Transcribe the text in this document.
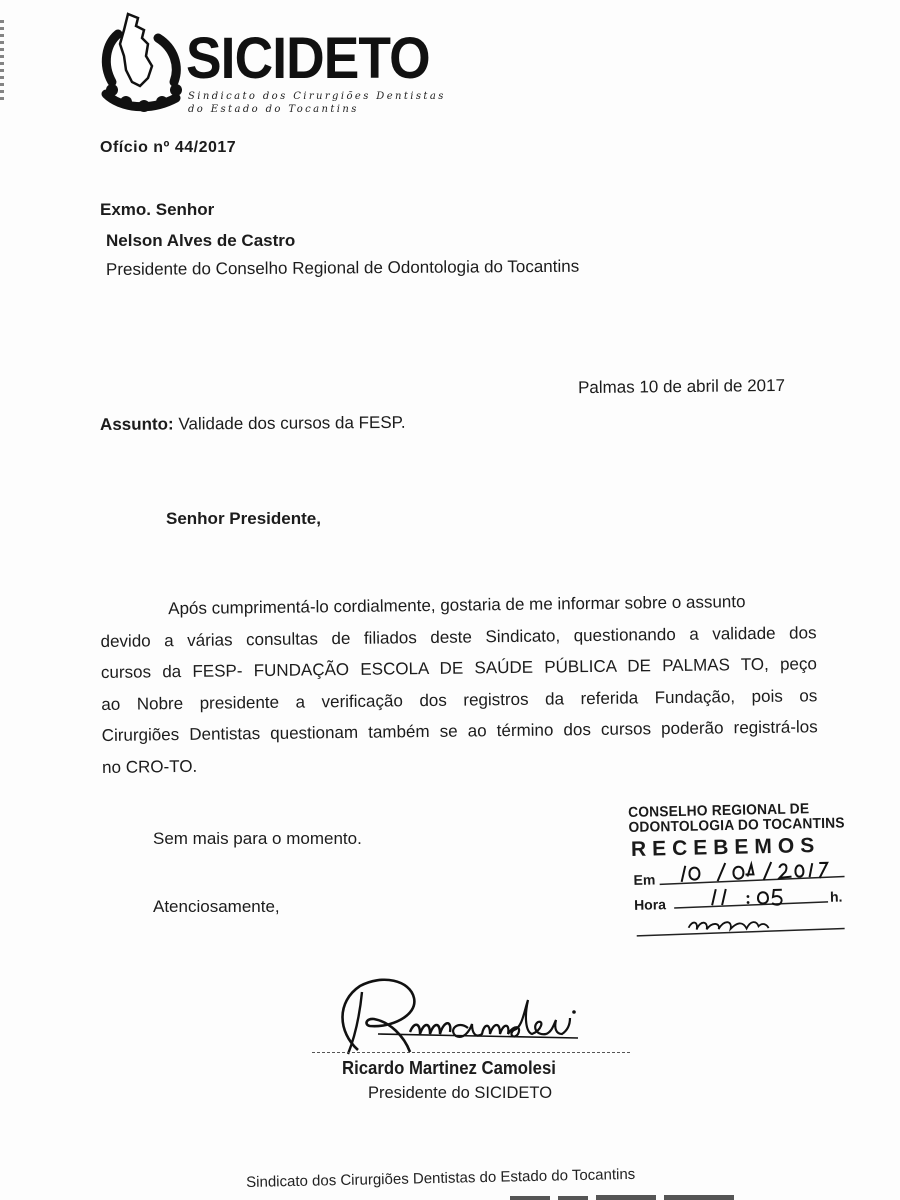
SICIDETO
Sindicato dos Cirurgiões Dentistas
do Estado do Tocantins
Ofício nº 44/2017
Exmo. Senhor
Nelson Alves de Castro
Presidente do Conselho Regional de Odontologia do Tocantins
Palmas 10 de abril de 2017
Assunto: Validade dos cursos da FESP.
Senhor Presidente,
Após cumprimentá-lo cordialmente, gostaria de me informar sobre o assunto
devido a várias consultas de filiados deste Sindicato, questionando a validade dos
cursos da FESP- FUNDAÇÃO ESCOLA DE SAÚDE PÚBLICA DE PALMAS TO, peço
ao Nobre presidente a verificação dos registros da referida Fundação, pois os
Cirurgiões Dentistas questionam também se ao término dos cursos poderão registrá-los
no CRO-TO.
Sem mais para o momento.
Atenciosamente,
CONSELHO REGIONAL DE
ODONTOLOGIA DO TOCANTINS
RECEBEMOS
Em
Hora	h.
Ricardo Martinez Camolesi
Presidente do SICIDETO
Sindicato dos Cirurgiões Dentistas do Estado do Tocantins
